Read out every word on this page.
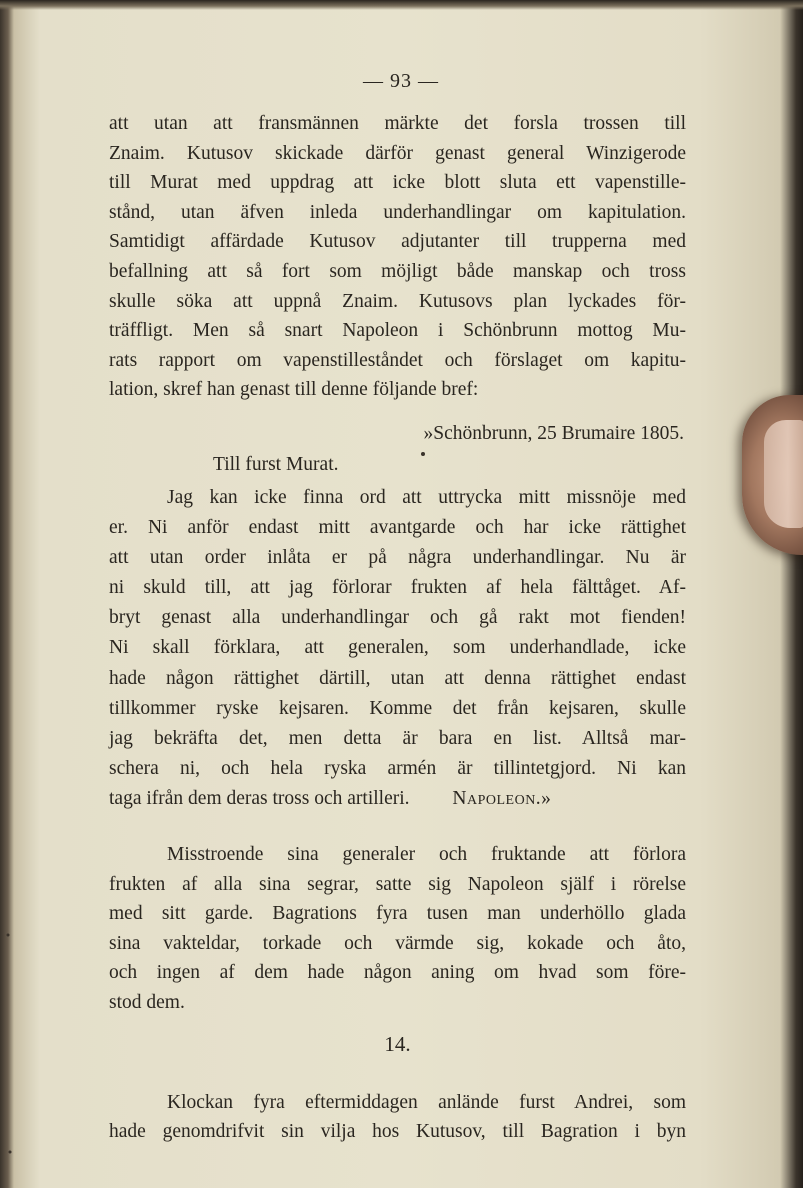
— 93 —
att utan att fransmännen märkte det forsla trossen till
Znaim. Kutusov skickade därför genast general Winzigerode
till Murat med uppdrag att icke blott sluta ett vapenstille-
stånd, utan äfven inleda underhandlingar om kapitulation.
Samtidigt affärdade Kutusov adjutanter till trupperna med
befallning att så fort som möjligt både manskap och tross
skulle söka att uppnå Znaim. Kutusovs plan lyckades för-
träffligt. Men så snart Napoleon i Schönbrunn mottog Mu-
rats rapport om vapenstilleståndet och förslaget om kapitu-
lation, skref han genast till denne följande bref:
»Schönbrunn, 25 Brumaire 1805.
Till furst Murat.
Jag kan icke finna ord att uttrycka mitt missnöje med
er. Ni anför endast mitt avantgarde och har icke rättighet
att utan order inlåta er på några underhandlingar. Nu är
ni skuld till, att jag förlorar frukten af hela fälttåget. Af-
bryt genast alla underhandlingar och gå rakt mot fienden!
Ni skall förklara, att generalen, som underhandlade, icke
hade någon rättighet därtill, utan att denna rättighet endast
tillkommer ryske kejsaren. Komme det från kejsaren, skulle
jag bekräfta det, men detta är bara en list. Alltså mar-
schera ni, och hela ryska armén är tillintetgjord. Ni kan
taga ifrån dem deras tross och artilleri. Napoleon.»
Misstroende sina generaler och fruktande att förlora
frukten af alla sina segrar, satte sig Napoleon själf i rörelse
med sitt garde. Bagrations fyra tusen man underhöllo glada
sina vakteldar, torkade och värmde sig, kokade och åto,
och ingen af dem hade någon aning om hvad som före-
stod dem.
14.
Klockan fyra eftermiddagen anlände furst Andrei, som
hade genomdrifvit sin vilja hos Kutusov, till Bagration i byn
